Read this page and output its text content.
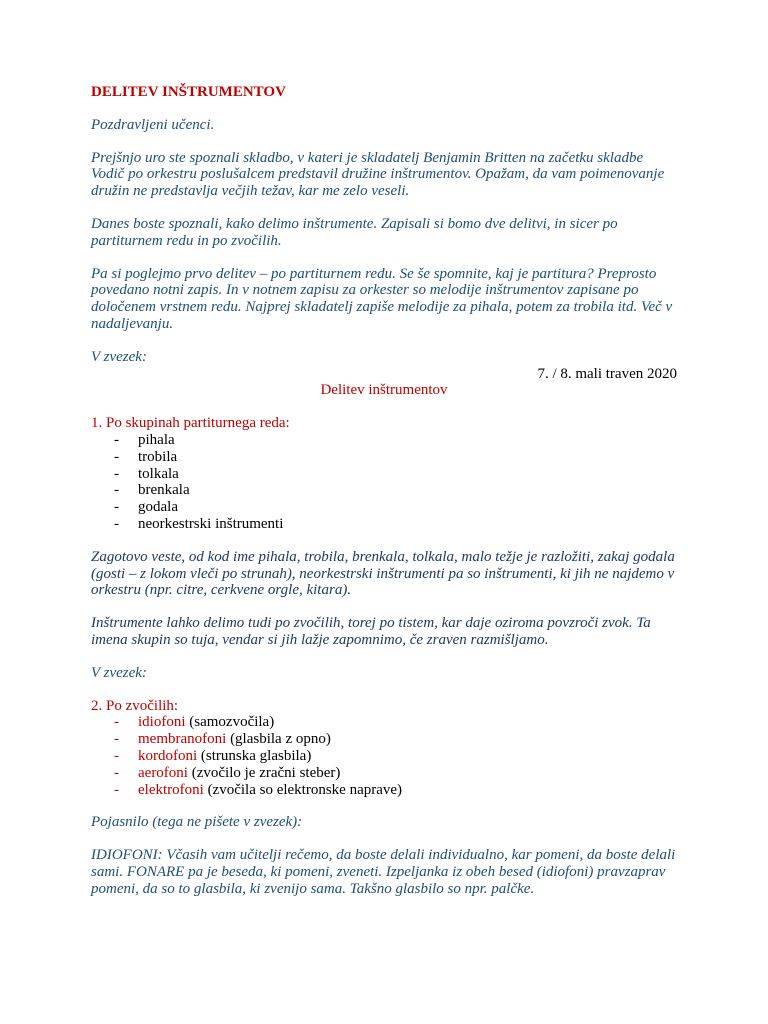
DELITEV INŠTRUMENTOV

Pozdravljeni učenci.

Prejšnjo uro ste spoznali skladbo, v kateri je skladatelj Benjamin Britten na začetku skladbe Vodič po orkestru poslušalcem predstavil družine inštrumentov. Opažam, da vam poimenovanje družin ne predstavlja večjih težav, kar me zelo veseli.

Danes boste spoznali, kako delimo inštrumente. Zapisali si bomo dve delitvi, in sicer po partiturnem redu in po zvočilih.

Pa si poglejmo prvo delitev – po partiturnem redu. Se še spomnite, kaj je partitura? Preprosto povedano notni zapis. In v notnem zapisu za orkester so melodije inštrumentov zapisane po določenem vrstnem redu. Najprej skladatelj zapiše melodije za pihala, potem za trobila itd. Več v nadaljevanju.

V zvezek:

7. / 8. mali traven 2020

Delitev inštrumentov

1. Po skupinah partiturnega reda:

- pihala
- trobila
- tolkala
- brenkala
- godala
- neorkestrski inštrumenti

Zagotovo veste, od kod ime pihala, trobila, brenkala, tolkala, malo težje je razložiti, zakaj godala (gosti – z lokom vleči po strunah), neorkestrski inštrumenti pa so inštrumenti, ki jih ne najdemo v orkestru (npr. citre, cerkvene orgle, kitara).

Inštrumente lahko delimo tudi po zvočilih, torej po tistem, kar daje oziroma povzroči zvok. Ta imena skupin so tuja, vendar si jih lažje zapomnimo, če zraven razmišljamo.

V zvezek:

2. Po zvočilih:

- idiofoni (samozvočila)
- membranofoni (glasbila z opno)
- kordofoni (strunska glasbila)
- aerofoni (zvočilo je zračni steber)
- elektrofoni (zvočila so elektronske naprave)

Pojasnilo (tega ne pišete v zvezek):

IDIOFONI: Včasih vam učitelji rečemo, da boste delali individualno, kar pomeni, da boste delali sami. FONARE pa je beseda, ki pomeni, zveneti. Izpeljanka iz obeh besed (idiofoni) pravzaprav pomeni, da so to glasbila, ki zvenijo sama. Takšno glasbilo so npr. palčke.
